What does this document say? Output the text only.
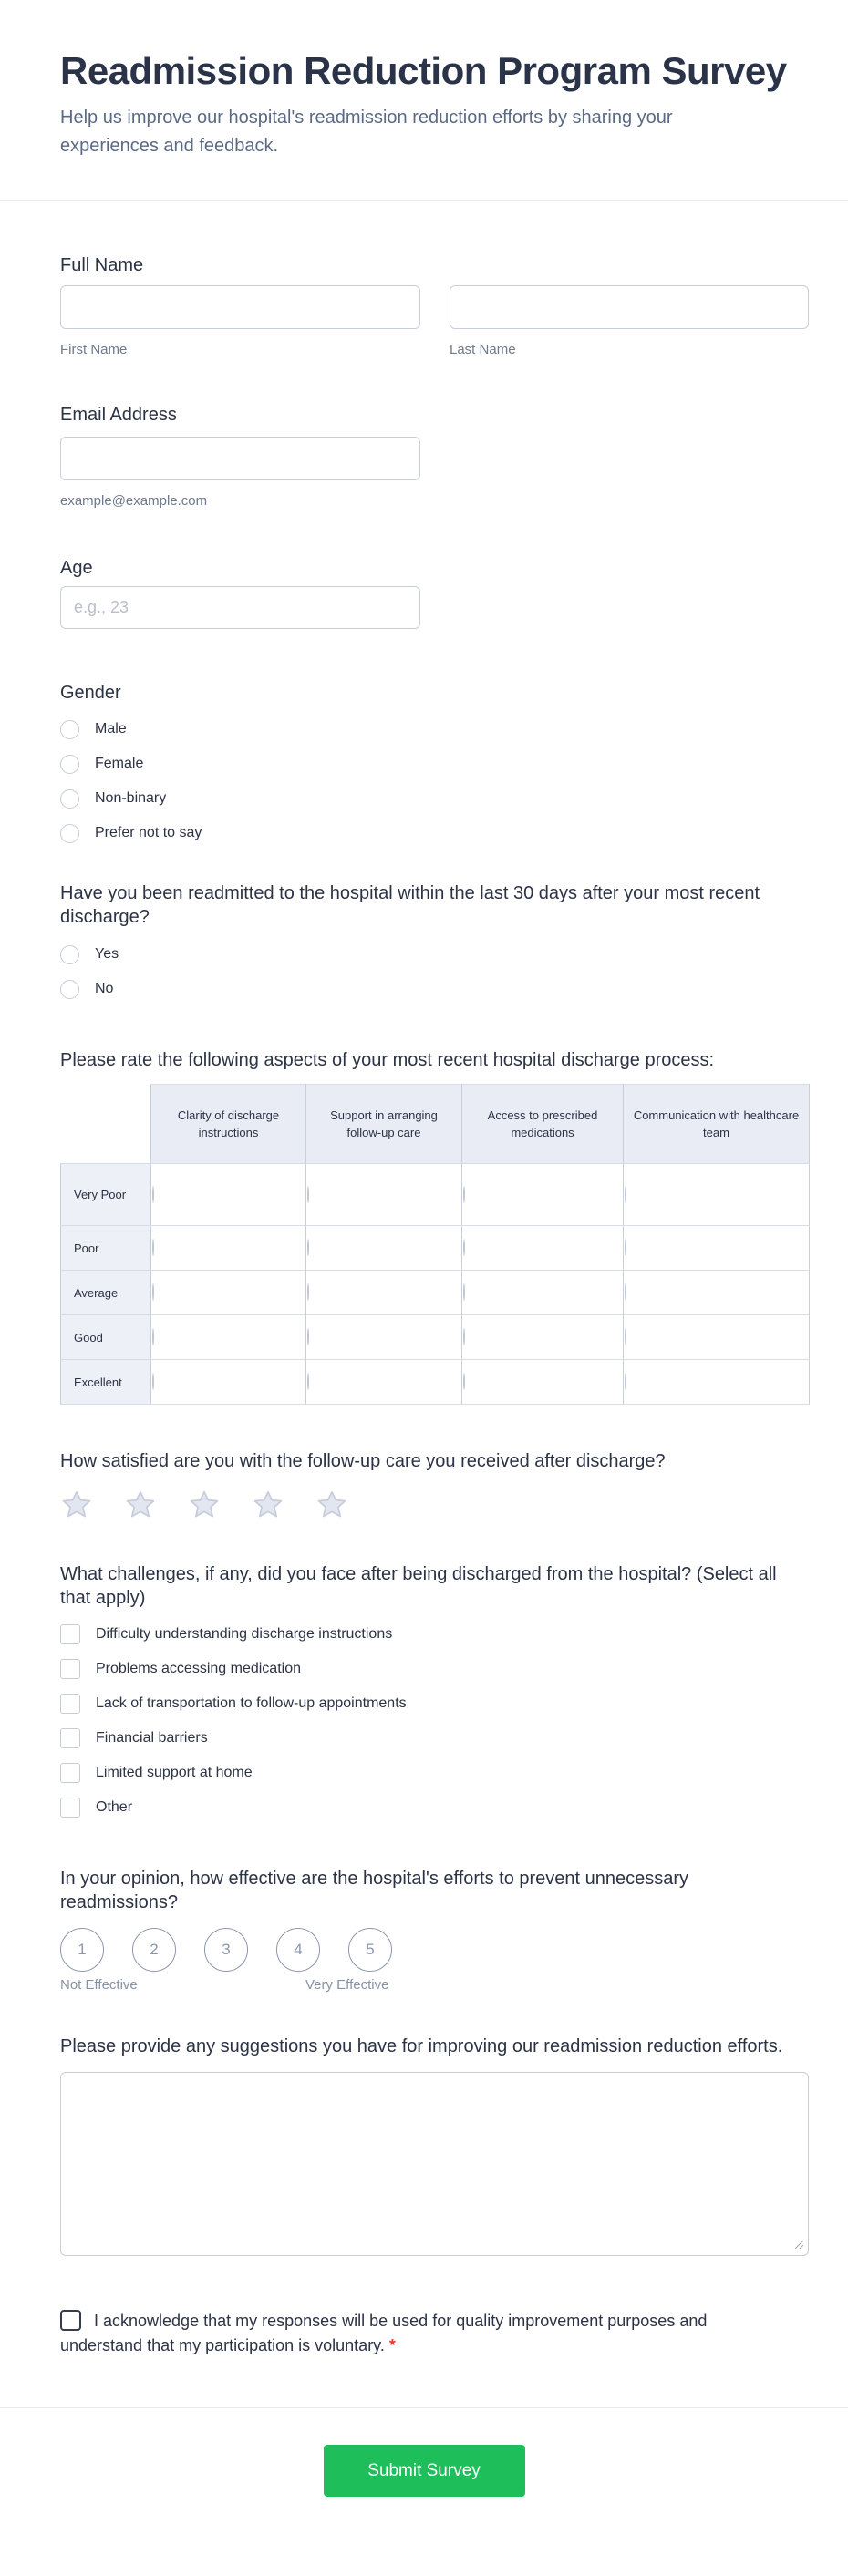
Readmission Reduction Program Survey

Help us improve our hospital's readmission reduction efforts by sharing your experiences and feedback.

Full Name
First Name	Last Name
Email Address
example@example.com
Age
e.g., 23
Gender
Male
Female
Non-binary
Prefer not to say
Have you been readmitted to the hospital within the last 30 days after your most recent discharge?
Yes
No
Please rate the following aspects of your most recent hospital discharge process:
	Clarity of discharge instructions	Support in arranging follow-up care	Access to prescribed medications	Communication with healthcare team
Very Poor				
Poor				
Average				
Good				
Excellent				
How satisfied are you with the follow-up care you received after discharge?
What challenges, if any, did you face after being discharged from the hospital? (Select all that apply)
Difficulty understanding discharge instructions
Problems accessing medication
Lack of transportation to follow-up appointments
Financial barriers
Limited support at home
Other
In your opinion, how effective are the hospital's efforts to prevent unnecessary readmissions?
1	2	3	4	5
Not Effective	Very Effective
Please provide any suggestions you have for improving our readmission reduction efforts.
I acknowledge that my responses will be used for quality improvement purposes and understand that my participation is voluntary. *
Submit Survey
